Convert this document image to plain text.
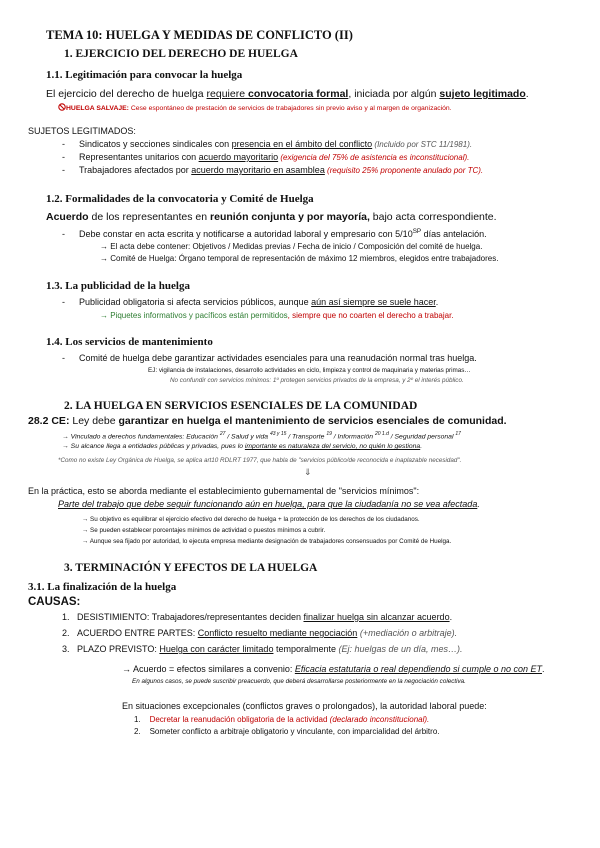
TEMA 10: HUELGA Y MEDIDAS DE CONFLICTO (II)
1. EJERCICIO DEL DERECHO DE HUELGA
1.1. Legitimación para convocar la huelga
El ejercicio del derecho de huelga requiere convocatoria formal, iniciada por algún sujeto legitimado.
HUELGA SALVAJE: Cese espontáneo de prestación de servicios de trabajadores sin previo aviso y al margen de organización.
SUJETOS LEGITIMADOS:
- Sindicatos y secciones sindicales con presencia en el ámbito del conflicto (Incluido por STC 11/1981).
- Representantes unitarios con acuerdo mayoritario (exigencia del 75% de asistencia es inconstitucional).
- Trabajadores afectados por acuerdo mayoritario en asamblea (requisito 25% proponente anulado por TC).
1.2. Formalidades de la convocatoria y Comité de Huelga
Acuerdo de los representantes en reunión conjunta y por mayoría, bajo acta correspondiente.
- Debe constar en acta escrita y notificarse a autoridad laboral y empresario con $5/10^{SP}$ días antelación.
→ El acta debe contener: Objetivos / Medidas previas / Fecha de inicio / Composición del comité de huelga.
→ Comité de Huelga: Órgano temporal de representación de máximo 12 miembros, elegidos entre trabajadores.
1.3. La publicidad de la huelga
- Publicidad obligatoria si afecta servicios públicos, aunque aún así siempre se suele hacer.
→ Piquetes informativos y pacíficos están permitidos, siempre que no coarten el derecho a trabajar.
1.4. Los servicios de mantenimiento
- Comité de huelga debe garantizar actividades esenciales para una reanudación normal tras huelga.
EJ: vigilancia de instalaciones, desarrollo actividades en ciclo, limpieza y control de maquinaria y materias primas…
No confundir con servicios mínimos: 1º protegen servicios privados de la empresa, y 2º el interés público.
2. LA HUELGA EN SERVICIOS ESENCIALES DE LA COMUNIDAD
28.2 CE: Ley debe garantizar en huelga el mantenimiento de servicios esenciales de comunidad.
→ Vinculado a derechos fundamentales: Educación $^{27}$ / Salud y vida $^{43 y 15}$ / Transporte $^{19}$ / Información $^{20 1.d}$ / Seguridad personal $^{17}$
→ Su alcance llega a entidades públicas y privadas, pues lo importante es naturaleza del servicio, no quién lo gestiona.
*Como no existe Ley Orgánica de Huelga, se aplica art10 RDLRT 1977, que habla de "servicios público/de reconocida e inaplazable necesidad".
⇓
En la práctica, esto se aborda mediante el establecimiento gubernamental de "servicios mínimos":
Parte del trabajo que debe seguir funcionando aún en huelga, para que la ciudadanía no se vea afectada.
→ Su objetivo es equilibrar el ejercicio efectivo del derecho de huelga + la protección de los derechos de los ciudadanos.
→ Se pueden establecer porcentajes mínimos de actividad o puestos mínimos a cubrir.
→ Aunque sea fijado por autoridad, lo ejecuta empresa mediante designación de trabajadores consensuados por Comité de Huelga.
3. TERMINACIÓN Y EFECTOS DE LA HUELGA
3.1. La finalización de la huelga
CAUSAS:
1. DESISTIMIENTO: Trabajadores/representantes deciden finalizar huelga sin alcanzar acuerdo.
2. ACUERDO ENTRE PARTES: Conflicto resuelto mediante negociación (+mediación o arbitraje).
3. PLAZO PREVISTO: Huelga con carácter limitado temporalmente (Ej: huelgas de un día, mes…).
→ Acuerdo = efectos similares a convenio: Eficacia estatutaria o real dependiendo si cumple o no con ET.
En algunos casos, se puede suscribir preacuerdo, que deberá desarrollarse posteriormente en la negociación colectiva.
En situaciones excepcionales (conflictos graves o prolongados), la autoridad laboral puede:
1. Decretar la reanudación obligatoria de la actividad (declarado inconstitucional).
2. Someter conflicto a arbitraje obligatorio y vinculante, con imparcialidad del árbitro.
